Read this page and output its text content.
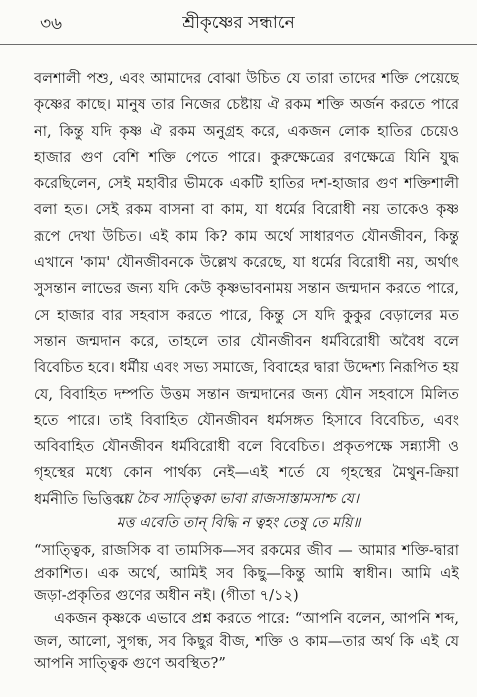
৩৬	শ্রীকৃষ্ণের সন্ধানে
বলশালী পশু, এবং আমাদের বোঝা উচিত যে তারা তাদের শক্তি পেয়েছে
কৃষ্ণের কাছে। মানুষ তার নিজের চেষ্টায় ঐ রকম শক্তি অর্জন করতে পারে
না, কিন্তু যদি কৃষ্ণ ঐ রকম অনুগ্রহ করে, একজন লোক হাতির চেয়েও
হাজার গুণ বেশি শক্তি পেতে পারে। কুরুক্ষেত্রের রণক্ষেত্রে যিনি যুদ্ধ
করেছিলেন, সেই মহাবীর ভীমকে একটি হাতির দশ-হাজার গুণ শক্তিশালী
বলা হত। সেই রকম বাসনা বা কাম, যা ধর্মের বিরোধী নয় তাকেও কৃষ্ণ
রূপে দেখা উচিত। এই কাম কি? কাম অর্থে সাধারণত যৌনজীবন, কিন্তু
এখানে 'কাম' যৌনজীবনকে উল্লেখ করেছে, যা ধর্মের বিরোধী নয়, অর্থাৎ
সুসন্তান লাভের জন্য যদি কেউ কৃষ্ণভাবনাময় সন্তান জন্মদান করতে পারে,
সে হাজার বার সহবাস করতে পারে, কিন্তু সে যদি কুকুর বেড়ালের মত
সন্তান জন্মদান করে, তাহলে তার যৌনজীবন ধর্মবিরোধী অবৈধ বলে
বিবেচিত হবে। ধর্মীয় এবং সভ্য সমাজে, বিবাহের দ্বারা উদ্দেশ্য নিরূপিত হয়
যে, বিবাহিত দম্পতি উত্তম সন্তান জন্মদানের জন্য যৌন সহবাসে মিলিত
হতে পারে। তাই বিবাহিত যৌনজীবন ধর্মসঙ্গত হিসাবে বিবেচিত, এবং
অবিবাহিত যৌনজীবন ধর্মবিরোধী বলে বিবেচিত। প্রকৃতপক্ষে সন্ন্যাসী ও
গৃহস্থের মধ্যে কোন পার্থক্য নেই—এই শর্তে যে গৃহস্থের মৈথুন-ক্রিয়া
ধর্মনীতি ভিত্তিক।
যে চৈব সাত্ত্বিকা ভাবা রাজসাস্তামসাশ্চ যে।
মত্ত এবেতি তান্ বিদ্ধি ন ত্বহং তেষু তে ময়ি॥
“সাত্ত্বিক, রাজসিক বা তামসিক—সব রকমের জীব — আমার শক্তি-দ্বারা
প্রকাশিত। এক অর্থে, আমিই সব কিছু—কিন্তু আমি স্বাধীন। আমি এই
জড়া-প্রকৃতির গুণের অধীন নই। (গীতা ৭/১২)
একজন কৃষ্ণকে এভাবে প্রশ্ন করতে পারে: “আপনি বলেন, আপনি শব্দ,
জল, আলো, সুগন্ধ, সব কিছুর বীজ, শক্তি ও কাম—তার অর্থ কি এই যে
আপনি সাত্ত্বিক গুণে অবস্থিত?”
